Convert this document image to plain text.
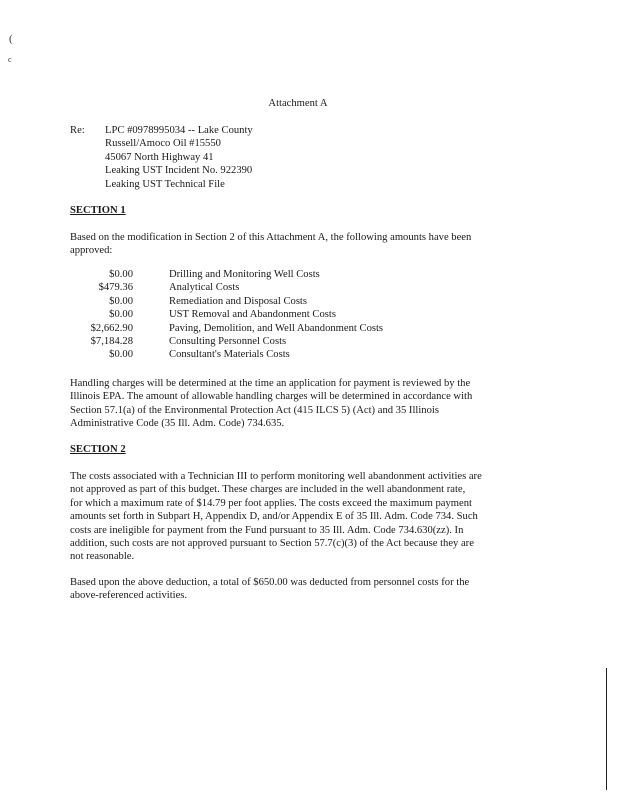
(
c
Attachment A
Re: LPC #0978995034 -- Lake County
Russell/Amoco Oil #15550
45067 North Highway 41
Leaking UST Incident No. 922390
Leaking UST Technical File
SECTION 1
Based on the modification in Section 2 of this Attachment A, the following amounts have been
approved:
$0.00	Drilling and Monitoring Well Costs
$479.36	Analytical Costs
$0.00	Remediation and Disposal Costs
$0.00	UST Removal and Abandonment Costs
$2,662.90	Paving, Demolition, and Well Abandonment Costs
$7,184.28	Consulting Personnel Costs
$0.00	Consultant's Materials Costs
Handling charges will be determined at the time an application for payment is reviewed by the
Illinois EPA. The amount of allowable handling charges will be determined in accordance with
Section 57.1(a) of the Environmental Protection Act (415 ILCS 5) (Act) and 35 Illinois
Administrative Code (35 Ill. Adm. Code) 734.635.
SECTION 2
The costs associated with a Technician III to perform monitoring well abandonment activities are
not approved as part of this budget. These charges are included in the well abandonment rate,
for which a maximum rate of $14.79 per foot applies. The costs exceed the maximum payment
amounts set forth in Subpart H, Appendix D, and/or Appendix E of 35 Ill. Adm. Code 734. Such
costs are ineligible for payment from the Fund pursuant to 35 Ill. Adm. Code 734.630(zz). In
addition, such costs are not approved pursuant to Section 57.7(c)(3) of the Act because they are
not reasonable.
Based upon the above deduction, a total of $650.00 was deducted from personnel costs for the
above-referenced activities.
